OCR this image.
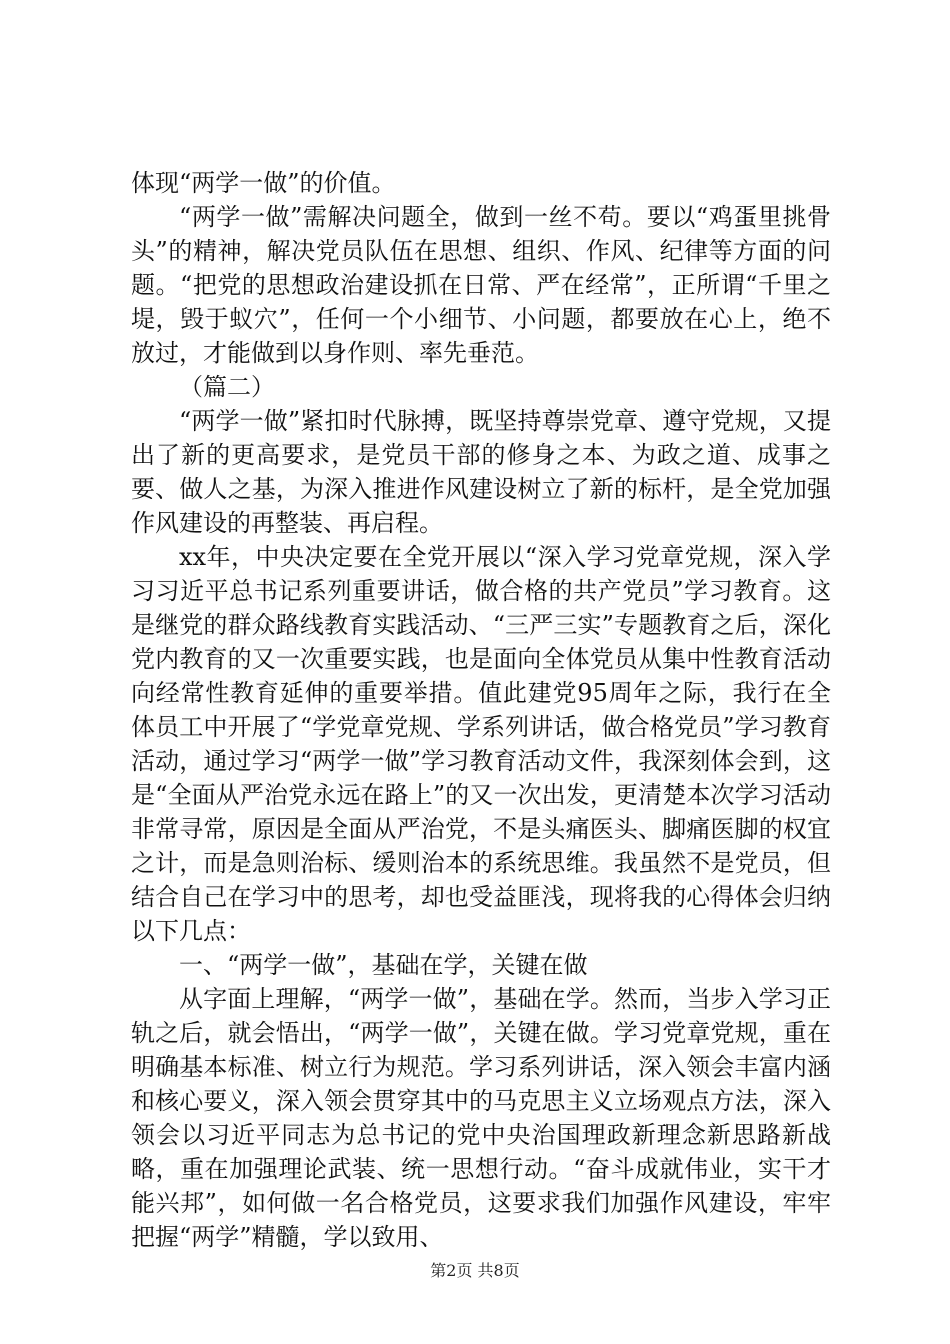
体现“两学一做”的价值。

“两学一做”需解决问题全，做到一丝不苟。要以“鸡蛋里挑骨头”的精神，解决党员队伍在思想、组织、作风、纪律等方面的问题。“把党的思想政治建设抓在日常、严在经常”，正所谓“千里之堤，毁于蚁穴”，任何一个小细节、小问题，都要放在心上，绝不放过，才能做到以身作则、率先垂范。

（篇二）

“两学一做”紧扣时代脉搏，既坚持尊崇党章、遵守党规，又提出了新的更高要求，是党员干部的修身之本、为政之道、成事之要、做人之基，为深入推进作风建设树立了新的标杆，是全党加强作风建设的再整装、再启程。

xx年，中央决定要在全党开展以“深入学习党章党规，深入学习习近平总书记系列重要讲话，做合格的共产党员”学习教育。这是继党的群众路线教育实践活动、“三严三实”专题教育之后，深化党内教育的又一次重要实践，也是面向全体党员从集中性教育活动向经常性教育延伸的重要举措。值此建党95周年之际，我行在全体员工中开展了“学党章党规、学系列讲话，做合格党员”学习教育活动，通过学习“两学一做”学习教育活动文件，我深刻体会到，这是“全面从严治党永远在路上”的又一次出发，更清楚本次学习活动非常寻常，原因是全面从严治党，不是头痛医头、脚痛医脚的权宜之计，而是急则治标、缓则治本的系统思维。我虽然不是党员，但结合自己在学习中的思考，却也受益匪浅，现将我的心得体会归纳以下几点：

一、“两学一做”，基础在学，关键在做

从字面上理解，“两学一做”，基础在学。然而，当步入学习正轨之后，就会悟出，“两学一做”，关键在做。学习党章党规，重在明确基本标准、树立行为规范。学习系列讲话，深入领会丰富内涵和核心要义，深入领会贯穿其中的马克思主义立场观点方法，深入领会以习近平同志为总书记的党中央治国理政新理念新思路新战略，重在加强理论武装、统一思想行动。“奋斗成就伟业，实干才能兴邦”，如何做一名合格党员，这要求我们加强作风建设，牢牢把握“两学”精髓，学以致用、

第2页 共8页
